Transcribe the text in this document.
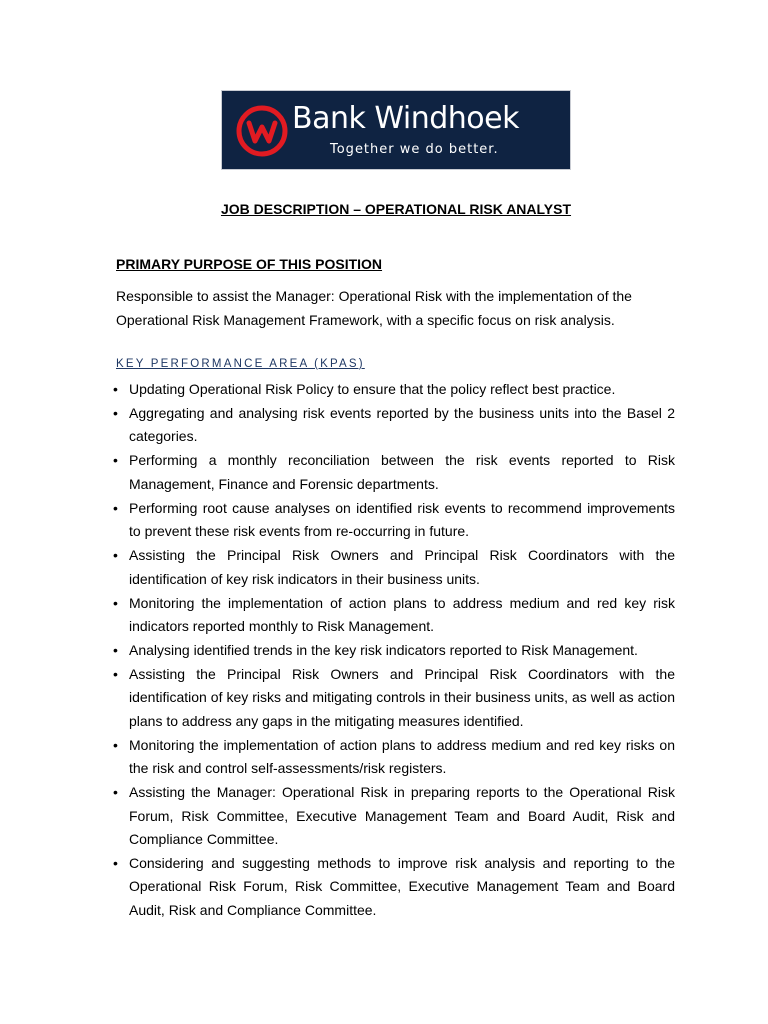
Bank Windhoek
Together we do better.
JOB DESCRIPTION – OPERATIONAL RISK ANALYST
PRIMARY PURPOSE OF THIS POSITION

Responsible to assist the Manager: Operational Risk with the implementation of the Operational Risk Management Framework, with a specific focus on risk analysis.

KEY PERFORMANCE AREA (KPAS)
• Updating Operational Risk Policy to ensure that the policy reflect best practice.
• Aggregating and analysing risk events reported by the business units into the Basel 2 categories.
• Performing a monthly reconciliation between the risk events reported to Risk Management, Finance and Forensic departments.
• Performing root cause analyses on identified risk events to recommend improvements to prevent these risk events from re-occurring in future.
• Assisting the Principal Risk Owners and Principal Risk Coordinators with the identification of key risk indicators in their business units.
• Monitoring the implementation of action plans to address medium and red key risk indicators reported monthly to Risk Management.
• Analysing identified trends in the key risk indicators reported to Risk Management.
• Assisting the Principal Risk Owners and Principal Risk Coordinators with the identification of key risks and mitigating controls in their business units, as well as action plans to address any gaps in the mitigating measures identified.
• Monitoring the implementation of action plans to address medium and red key risks on the risk and control self-assessments/risk registers.
• Assisting the Manager: Operational Risk in preparing reports to the Operational Risk Forum, Risk Committee, Executive Management Team and Board Audit, Risk and Compliance Committee.
• Considering and suggesting methods to improve risk analysis and reporting to the Operational Risk Forum, Risk Committee, Executive Management Team and Board Audit, Risk and Compliance Committee.
